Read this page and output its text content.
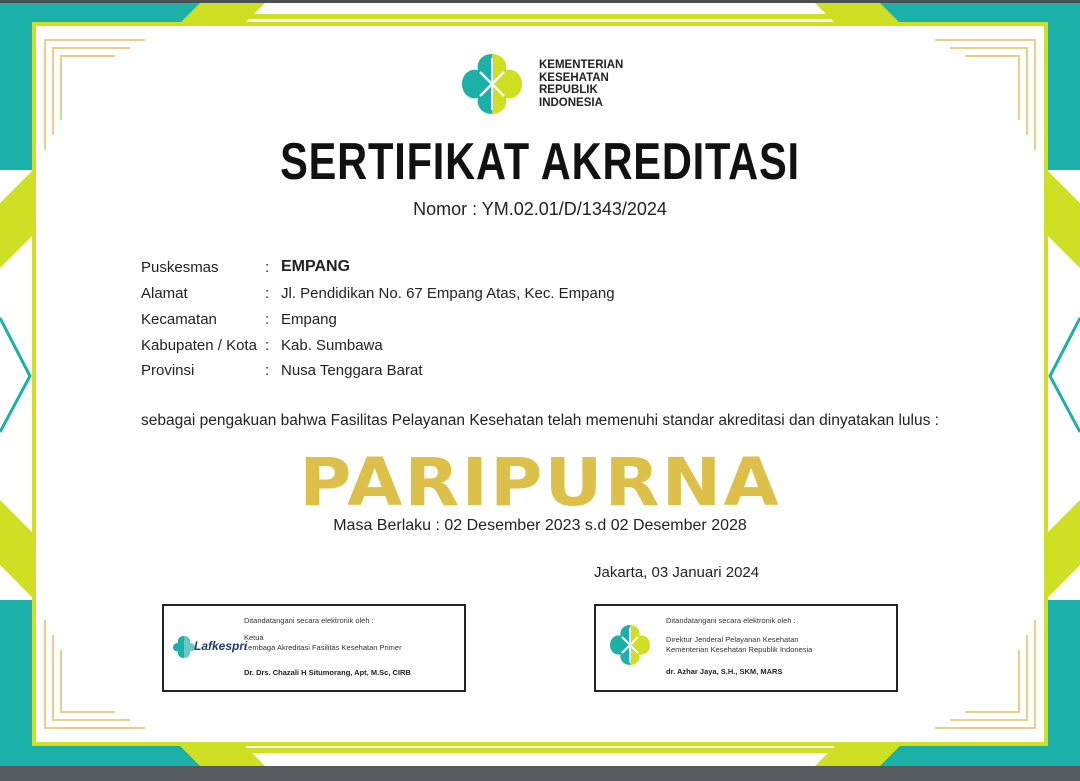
KEMENTERIAN
KESEHATAN
REPUBLIK
INDONESIA
SERTIFIKAT AKREDITASI
Nomor : YM.02.01/D/1343/2024
Puskesmas	: EMPANG
Alamat	: Jl. Pendidikan No. 67 Empang Atas, Kec. Empang
Kecamatan	: Empang
Kabupaten / Kota : Kab. Sumbawa
Provinsi	: Nusa Tenggara Barat
sebagai pengakuan bahwa Fasilitas Pelayanan Kesehatan telah memenuhi standar akreditasi dan dinyatakan lulus :
PARIPURNA
Masa Berlaku : 02 Desember 2023 s.d 02 Desember 2028
Jakarta, 03 Januari 2024
Ditandatangani secara elektronik oleh :
Lafkespri
Ketua
Lembaga Akreditasi Fasilitas Kesehatan Primer
Dr. Drs. Chazali H Situmorang, Apt, M.Sc, CIRB
Ditandatangani secara elektronik oleh :
Direktur Jenderal Pelayanan Kesehatan
Kementerian Kesehatan Republik Indonesia
dr. Azhar Jaya, S.H., SKM, MARS
